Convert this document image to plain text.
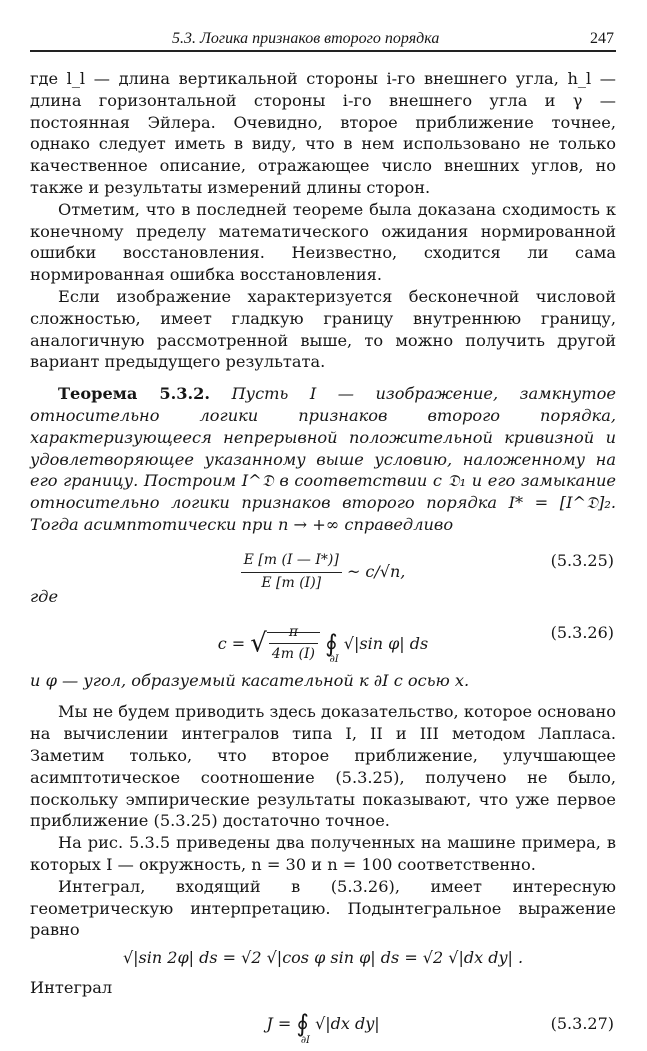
5.3. Логика признаков второго порядка	247

где l_l — длина вертикальной стороны i-го внешнего угла, h_l — длина горизонтальной стороны i-го внешнего угла и γ — постоянная Эйлера. Очевидно, второе приближение точнее, однако следует иметь в виду, что в нем использовано не только качественное описание, отражающее число внешних углов, но также и результаты измерений длины сторон.

Отметим, что в последней теореме была доказана сходимость к конечному пределу математического ожидания нормированной ошибки восстановления. Неизвестно, сходится ли сама нормированная ошибка восстановления.

Если изображение характеризуется бесконечной числовой сложностью, имеет гладкую границу внутреннюю границу, аналогичную рассмотренной выше, то можно получить другой вариант предыдущего результата.

Теорема 5.3.2. Пусть I — изображение, замкнутое относительно логики признаков второго порядка, характеризующееся непрерывной положительной кривизной и удовлетворяющее указанному выше условию, наложенному на его границу. Построим I^𝔇 в соответствии с 𝔇₁ и его замыкание относительно логики признаков второго порядка I* = [I^𝔇]₂. Тогда асимптотически при n → +∞ справедливо

$\frac{E [m (I — I*)]}{E [m (I)]}$ ~ c/√n,
(5.3.25)

где

c = √ $\frac{\pi}{4m (I)}$ $∮_{\partial I}$ √|sin φ| ds
(5.3.26)

и φ — угол, образуемый касательной к ∂I с осью x.

Мы не будем приводить здесь доказательство, которое основано на вычислении интегралов типа I, II и III методом Лапласа. Заметим только, что второе приближение, улучшающее асимптотическое соотношение (5.3.25), получено не было, поскольку эмпирические результаты показывают, что уже первое приближение (5.3.25) достаточно точное.

На рис. 5.3.5 приведены два полученных на машине примера, в которых I — окружность, n = 30 и n = 100 соответственно.

Интеграл, входящий в (5.3.26), имеет интересную геометрическую интерпретацию. Подынтегральное выражение равно

√|sin 2φ| ds = √2 √|cos φ sin φ| ds = √2 √|dx dy| .

Интеграл

$J = ∮_{\partial I}$ √|dx dy|	(5.3.27)
